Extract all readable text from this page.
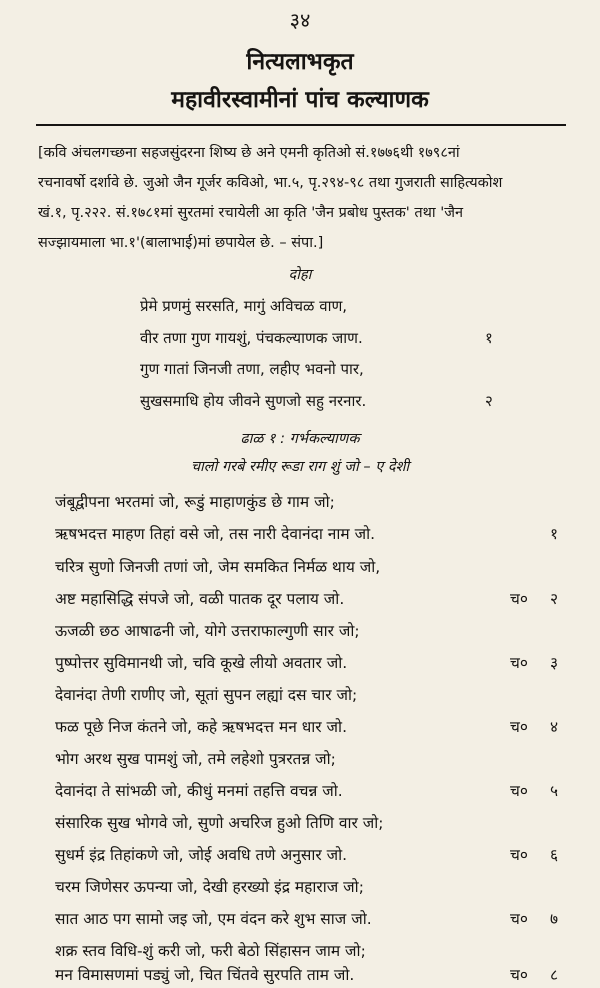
३४
नित्यलाभकृत
महावीरस्वामीनां पांच कल्याणक

[कवि अंचलगच्छना सहजसुंदरना शिष्य छे अने एमनी कृतिओ सं.१७७६थी १७९८नां

रचनावर्षो दर्शावे छे. जुओ जैन गूर्जर कविओ, भा.५, पृ.२९४-९८ तथा गुजराती साहित्यकोश

खं.१, पृ.२२२. सं.१७८१मां सुरतमां रचायेली आ कृति 'जैन प्रबोध पुस्तक' तथा 'जैन

सज्झायमाला भा.१'(बालाभाई)मां छपायेल छे. – संपा.]

दोहा
प्रेमे प्रणमुं सरसति, मागुं अविचळ वाण,
वीर तणा गुण गायशुं, पंचकल्याणक जाण.	१
गुण गातां जिनजी तणा, लहीए भवनो पार,
सुखसमाधि होय जीवने सुणजो सहु नरनार.	२
ढाळ १ : गर्भकल्याणक
चालो गरबे रमीए रूडा राग शुं जो – ए देशी
जंबूद्वीपना भरतमां जो, रूडुं माहाणकुंड छे गाम जो;
ऋषभदत्त माहण तिहां वसे जो, तस नारी देवानंदा नाम जो.	१
चरित्र सुणो जिनजी तणां जो, जेम समकित निर्मळ थाय जो,
अष्ट महासिद्धि संपजे जो, वळी पातक दूर पलाय जो.	च० २
ऊजळी छठ आषाढनी जो, योगे उत्तराफाल्गुणी सार जो;
पुष्पोत्तर सुविमानथी जो, चवि कूखे लीयो अवतार जो.	च० ३
देवानंदा तेणी राणीए जो, सूतां सुपन लह्यां दस चार जो;
फळ पूछे निज कंतने जो, कहे ऋषभदत्त मन धार जो.	च० ४
भोग अरथ सुख पामशुं जो, तमे लहेशो पुत्ररतन्न जो;
देवानंदा ते सांभळी जो, कीधुं मनमां तहत्ति वचन्न जो.	च० ५
संसारिक सुख भोगवे जो, सुणो अचरिज हुओ तिणि वार जो;
सुधर्म इंद्र तिहांकणे जो, जोई अवधि तणे अनुसार जो.	च० ६
चरम जिणेसर ऊपन्या जो, देखी हरख्यो इंद्र महाराज जो;
सात आठ पग सामो जइ जो, एम वंदन करे शुभ साज जो.	च० ७
शक्र स्तव विधि-शुं करी जो, फरी बेठो सिंहासन जाम जो;
मन विमासणमां पड्युं जो, चित चिंतवे सुरपति ताम जो.	च० ८
